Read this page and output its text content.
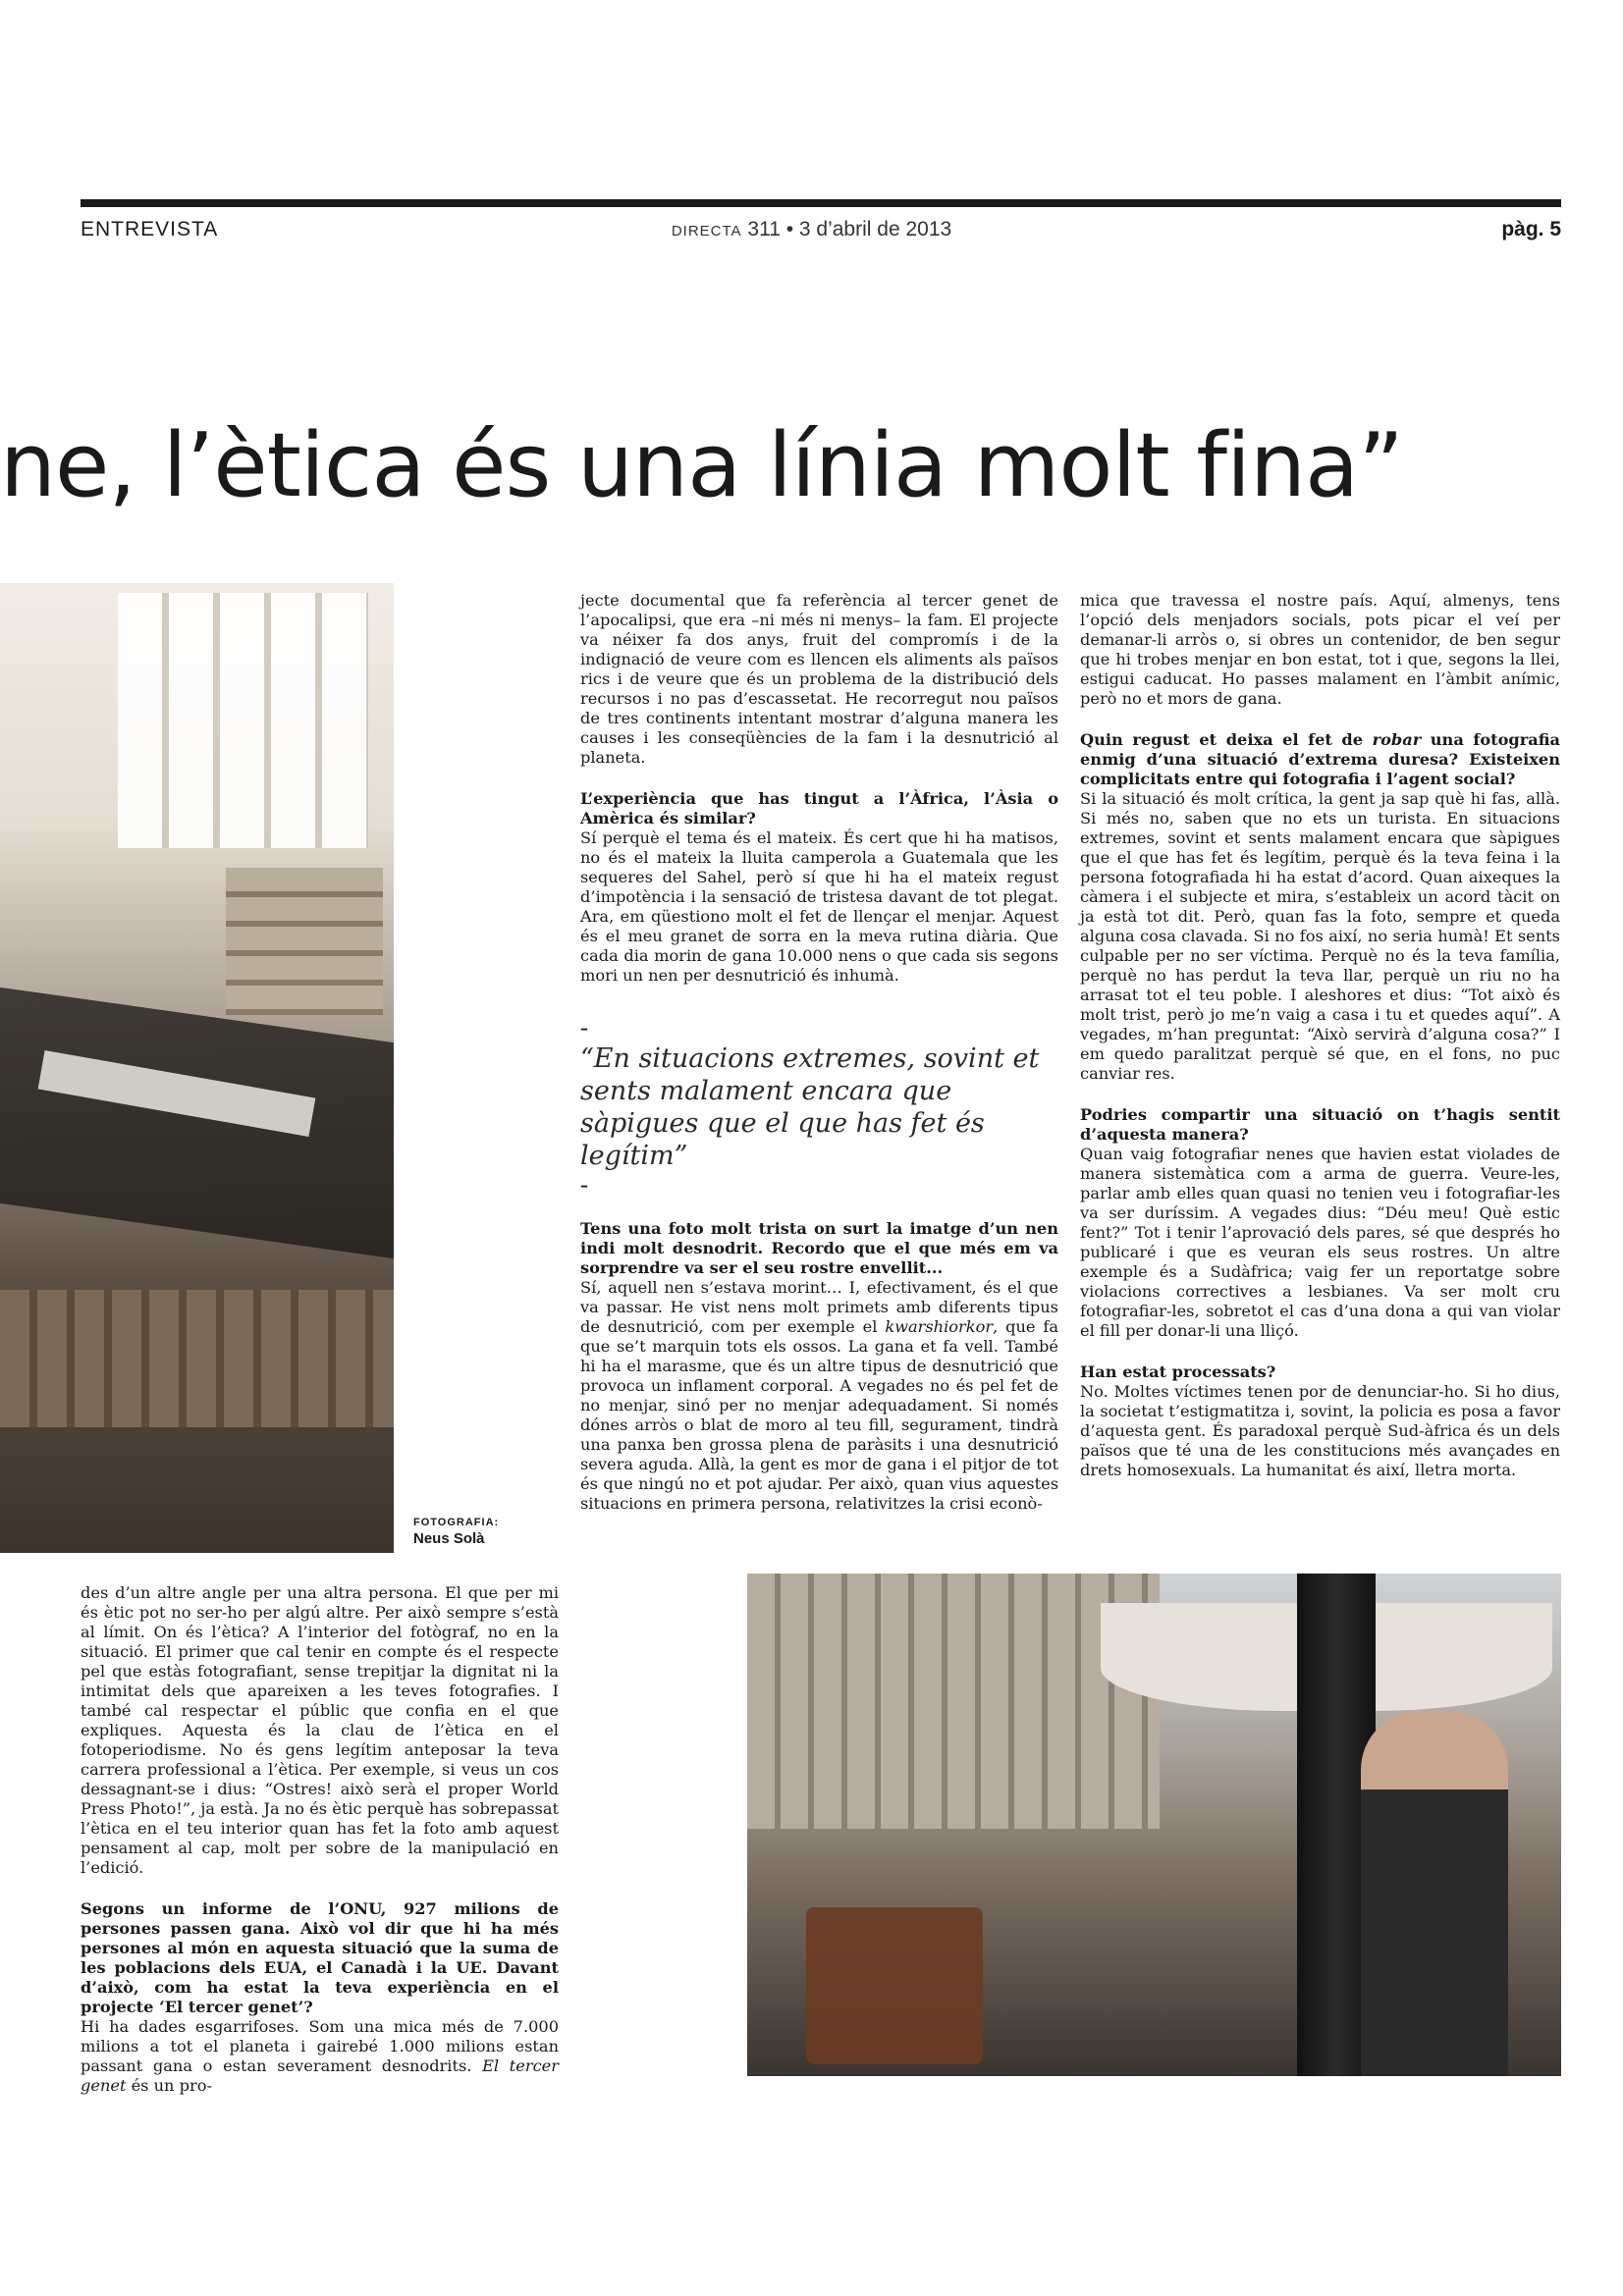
ENTREVISTA	DIRECTA 311 • 3 d’abril de 2013	pàg. 5
ne, l’ètica és una línia molt fina”
FOTOGRAFIA:
Neus Solà

des d’un altre angle per una altra persona. El que per mi és ètic pot no ser-ho per algú altre. Per això sempre s’està al límit. On és l’ètica? A l’interior del fotògraf, no en la situació. El primer que cal tenir en compte és el respecte pel que estàs fotografiant, sense trepitjar la dignitat ni la intimitat dels que apareixen a les teves fotografies. I també cal respectar el públic que confia en el que expliques. Aquesta és la clau de l’ètica en el fotoperiodisme. No és gens legítim anteposar la teva carrera professional a l’ètica. Per exemple, si veus un cos dessagnant-se i dius: “Ostres! això serà el proper World Press Photo!”, ja està. Ja no és ètic perquè has sobrepassat l’ètica en el teu interior quan has fet la foto amb aquest pensament al cap, molt per sobre de la manipulació en l’edició.

Segons un informe de l’ONU, 927 milions de persones passen gana. Això vol dir que hi ha més persones al món en aquesta situació que la suma de les poblacions dels EUA, el Canadà i la UE. Davant d’això, com ha estat la teva experiència en el projecte ‘El tercer genet’?

Hi ha dades esgarrifoses. Som una mica més de 7.000 milions a tot el planeta i gairebé 1.000 milions estan passant gana o estan severament desnodrits. El tercer genet és un pro-

jecte documental que fa referència al tercer genet de l’apocalipsi, que era –ni més ni menys– la fam. El projecte va néixer fa dos anys, fruit del compromís i de la indignació de veure com es llencen els aliments als països rics i de veure que és un problema de la distribució dels recursos i no pas d’escassetat. He recorregut nou països de tres continents intentant mostrar d’alguna manera les causes i les conseqüències de la fam i la desnutrició al planeta.

L’experiència que has tingut a l’Àfrica, l’Àsia o Amèrica és similar?

Sí perquè el tema és el mateix. És cert que hi ha matisos, no és el mateix la lluita camperola a Guatemala que les sequeres del Sahel, però sí que hi ha el mateix regust d’impotència i la sensació de tristesa davant de tot plegat. Ara, em qüestiono molt el fet de llençar el menjar. Aquest és el meu granet de sorra en la meva rutina diària. Que cada dia morin de gana 10.000 nens o que cada sis segons mori un nen per desnutrició és inhumà.

–
“En situacions extremes, sovint et sents malament encara que sàpigues que el que has fet és legítim”
–

Tens una foto molt trista on surt la imatge d’un nen indi molt desnodrit. Recordo que el que més em va sorprendre va ser el seu rostre envellit...

Sí, aquell nen s’estava morint… I, efectivament, és el que va passar. He vist nens molt primets amb diferents tipus de desnutrició, com per exemple el kwarshiorkor, que fa que se’t marquin tots els ossos. La gana et fa vell. També hi ha el marasme, que és un altre tipus de desnutrició que provoca un inflament corporal. A vegades no és pel fet de no menjar, sinó per no menjar adequadament. Si només dónes arròs o blat de moro al teu fill, segurament, tindrà una panxa ben grossa plena de paràsits i una desnutrició severa aguda. Allà, la gent es mor de gana i el pitjor de tot és que ningú no et pot ajudar. Per això, quan vius aquestes situacions en primera persona, relativitzes la crisi econò-

mica que travessa el nostre país. Aquí, almenys, tens l’opció dels menjadors socials, pots picar el veí per demanar-li arròs o, si obres un contenidor, de ben segur que hi trobes menjar en bon estat, tot i que, segons la llei, estigui caducat. Ho passes malament en l’àmbit anímic, però no et mors de gana.

Quin regust et deixa el fet de robar una fotografia enmig d’una situació d’extrema duresa? Existeixen complicitats entre qui fotografia i l’agent social?

Si la situació és molt crítica, la gent ja sap què hi fas, allà. Si més no, saben que no ets un turista. En situacions extremes, sovint et sents malament encara que sàpigues que el que has fet és legítim, perquè és la teva feina i la persona fotografiada hi ha estat d’acord. Quan aixeques la càmera i el subjecte et mira, s’estableix un acord tàcit on ja està tot dit. Però, quan fas la foto, sempre et queda alguna cosa clavada. Si no fos així, no seria humà! Et sents culpable per no ser víctima. Perquè no és la teva família, perquè no has perdut la teva llar, perquè un riu no ha arrasat tot el teu poble. I aleshores et dius: “Tot això és molt trist, però jo me’n vaig a casa i tu et quedes aquí”. A vegades, m’han preguntat: “Això servirà d’alguna cosa?” I em quedo paralitzat perquè sé que, en el fons, no puc canviar res.

Podries compartir una situació on t’hagis sentit d’aquesta manera?

Quan vaig fotografiar nenes que havien estat violades de manera sistemàtica com a arma de guerra. Veure-les, parlar amb elles quan quasi no tenien veu i fotografiar-les va ser duríssim. A vegades dius: “Déu meu! Què estic fent?” Tot i tenir l’aprovació dels pares, sé que després ho publicaré i que es veuran els seus rostres. Un altre exemple és a Sudàfrica; vaig fer un reportatge sobre violacions correctives a lesbianes. Va ser molt cru fotografiar-les, sobretot el cas d’una dona a qui van violar el fill per donar-li una lliçó.

Han estat processats?

No. Moltes víctimes tenen por de denunciar-ho. Si ho dius, la societat t’estigmatitza i, sovint, la policia es posa a favor d’aquesta gent. És paradoxal perquè Sud-àfrica és un dels països que té una de les constitucions més avançades en drets homosexuals. La humanitat és així, lletra morta.
